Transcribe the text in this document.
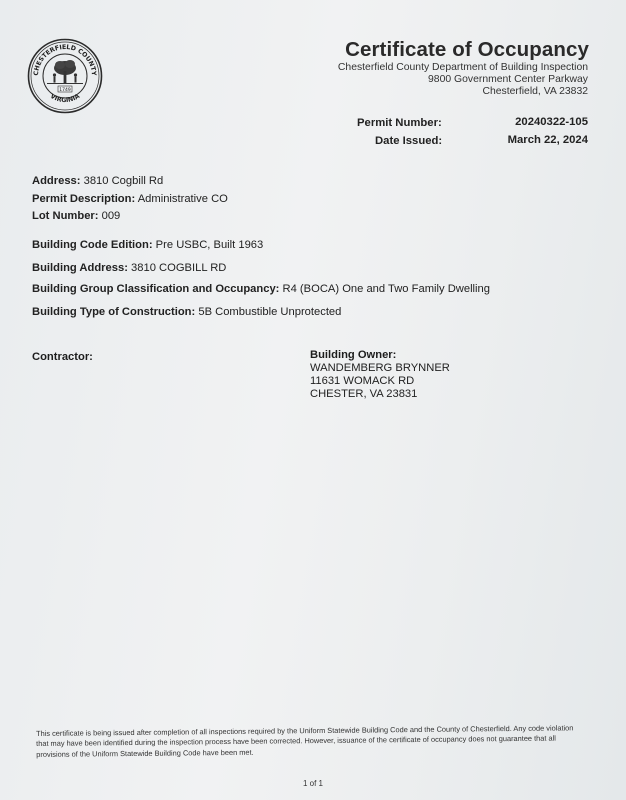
CHESTERFIELD COUNTY
VIRGINIA
1749
Certificate of Occupancy
Chesterfield County Department of Building Inspection
9800 Government Center Parkway
Chesterfield, VA 23832
Permit Number:	20240322-105
Date Issued:	March 22, 2024
Address: 3810 Cogbill Rd
Permit Description: Administrative CO
Lot Number: 009
Building Code Edition: Pre USBC, Built 1963
Building Address: 3810 COGBILL RD
Building Group Classification and Occupancy: R4 (BOCA) One and Two Family Dwelling
Building Type of Construction: 5B Combustible Unprotected
Contractor:	Building Owner:
WANDEMBERG BRYNNER
11631 WOMACK RD
CHESTER, VA 23831
This certificate is being issued after completion of all inspections required by the Uniform Statewide Building Code and the County of Chesterfield. Any code violation that may have been identified during the inspection process have been corrected. However, issuance of the certificate of occupancy does not guarantee that all provisions of the Uniform Statewide Building Code have been met.
1 of 1
